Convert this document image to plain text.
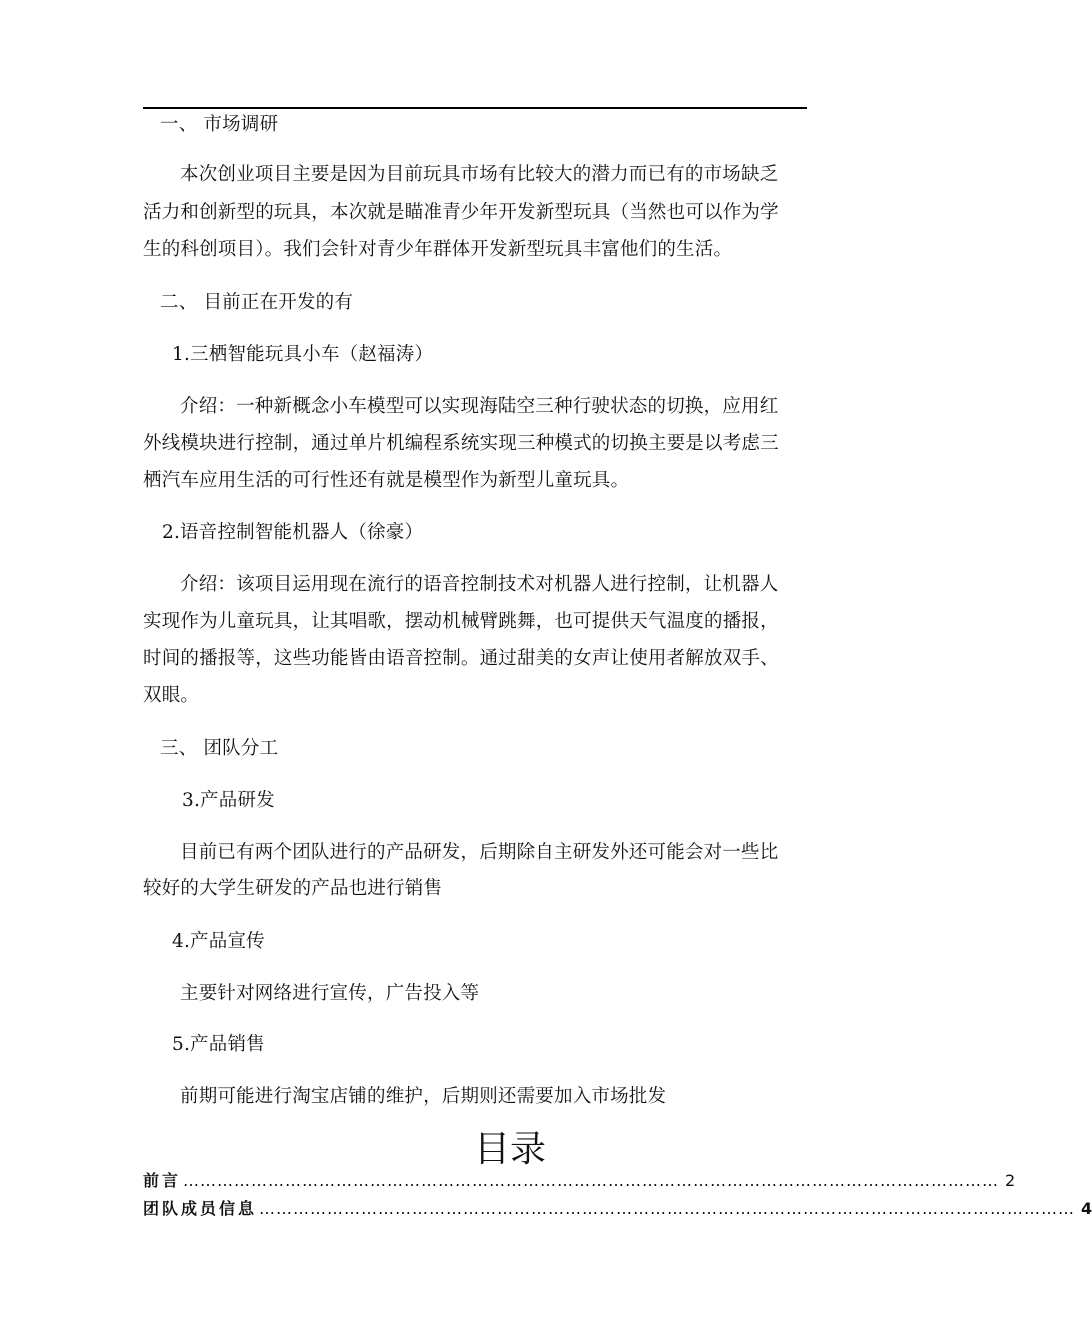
一、 市场调研
本次创业项目主要是因为目前玩具市场有比较大的潜力而已有的市场缺乏
活力和创新型的玩具，本次就是瞄准青少年开发新型玩具（当然也可以作为学
生的科创项目）。我们会针对青少年群体开发新型玩具丰富他们的生活。
二、 目前正在开发的有
1.三栖智能玩具小车（赵福涛）
介绍：一种新概念小车模型可以实现海陆空三种行驶状态的切换，应用红
外线模块进行控制，通过单片机编程系统实现三种模式的切换主要是以考虑三
栖汽车应用生活的可行性还有就是模型作为新型儿童玩具。
2.语音控制智能机器人（徐豪）
介绍：该项目运用现在流行的语音控制技术对机器人进行控制，让机器人
实现作为儿童玩具，让其唱歌，摆动机械臂跳舞，也可提供天气温度的播报，
时间的播报等，这些功能皆由语音控制。通过甜美的女声让使用者解放双手、
双眼。
三、 团队分工
3.产品研发
目前已有两个团队进行的产品研发，后期除自主研发外还可能会对一些比
较好的大学生研发的产品也进行销售
4.产品宣传
主要针对网络进行宣传，广告投入等
5.产品销售
前期可能进行淘宝店铺的维护，后期则还需要加入市场批发
目录
前言 ……………………………………………………………………………………………………………………………… 2
团队成员信息 ……………………………………………………………………………………………………………………………… 4
